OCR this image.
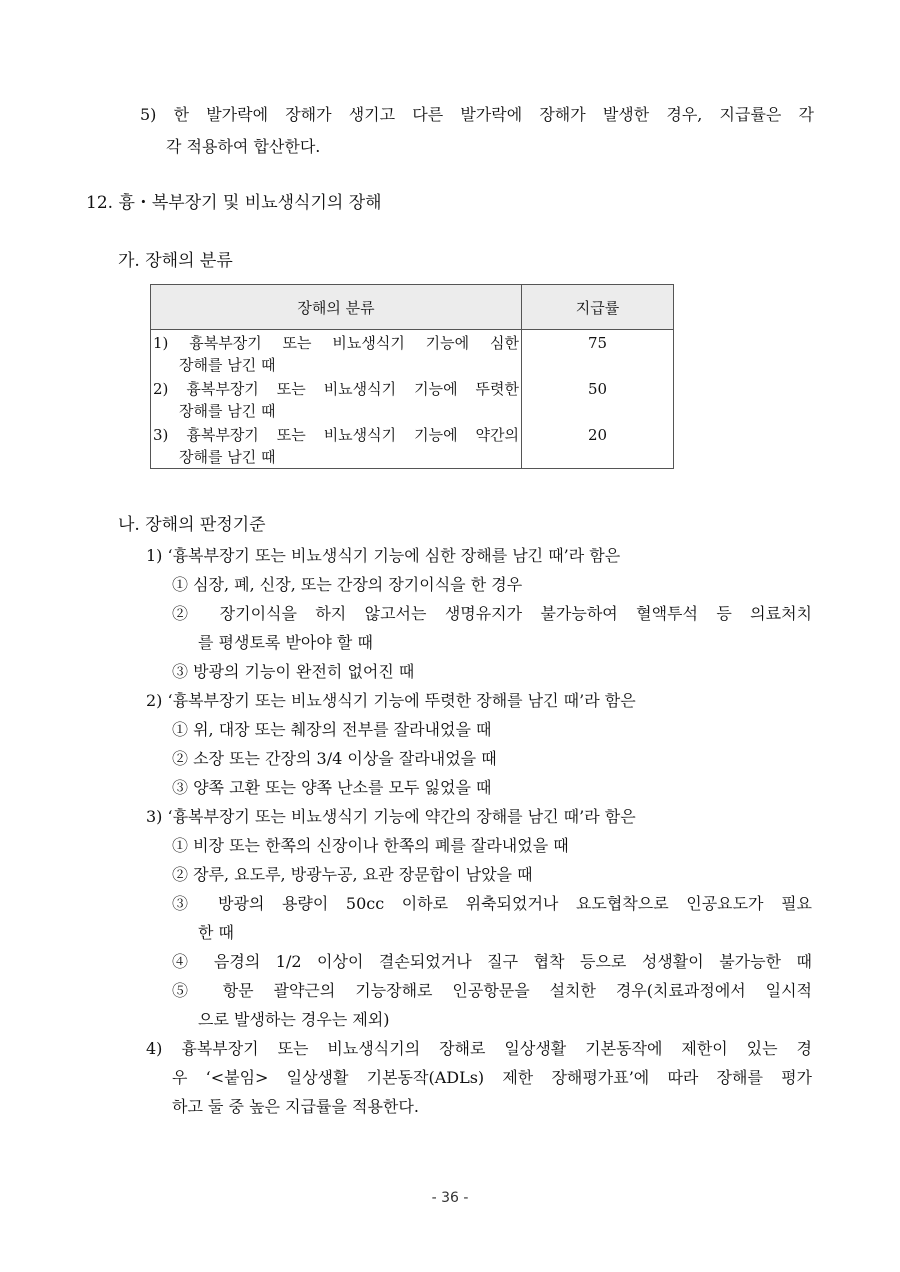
5) 한 발가락에 장해가 생기고 다른 발가락에 장해가 발생한 경우, 지급률은 각
각 적용하여 합산한다.
12. 흉・복부장기 및 비뇨생식기의 장해
가. 장해의 분류
장해의 분류	지급률

1) 흉복부장기 또는 비뇨생식기 기능에 심한
장해를 남긴 때	75

2) 흉복부장기 또는 비뇨생식기 기능에 뚜렷한
장해를 남긴 때	50

3) 흉복부장기 또는 비뇨생식기 기능에 약간의
장해를 남긴 때	20
나. 장해의 판정기준
1) ‘흉복부장기 또는 비뇨생식기 기능에 심한 장해를 남긴 때’라 함은
① 심장, 폐, 신장, 또는 간장의 장기이식을 한 경우
② 장기이식을 하지 않고서는 생명유지가 불가능하여 혈액투석 등 의료처치
를 평생토록 받아야 할 때
③ 방광의 기능이 완전히 없어진 때
2) ‘흉복부장기 또는 비뇨생식기 기능에 뚜렷한 장해를 남긴 때’라 함은
① 위, 대장 또는 췌장의 전부를 잘라내었을 때
② 소장 또는 간장의 3/4 이상을 잘라내었을 때
③ 양쪽 고환 또는 양쪽 난소를 모두 잃었을 때
3) ‘흉복부장기 또는 비뇨생식기 기능에 약간의 장해를 남긴 때’라 함은
① 비장 또는 한쪽의 신장이나 한쪽의 폐를 잘라내었을 때
② 장루, 요도루, 방광누공, 요관 장문합이 남았을 때
③ 방광의 용량이 50cc 이하로 위축되었거나 요도협착으로 인공요도가 필요
한 때
④ 음경의 1/2 이상이 결손되었거나 질구 협착 등으로 성생활이 불가능한 때
⑤ 항문 괄약근의 기능장해로 인공항문을 설치한 경우(치료과정에서 일시적
으로 발생하는 경우는 제외)
4) 흉복부장기 또는 비뇨생식기의 장해로 일상생활 기본동작에 제한이 있는 경
우 ‘<붙임> 일상생활 기본동작(ADLs) 제한 장해평가표’에 따라 장해를 평가
하고 둘 중 높은 지급률을 적용한다.
- 36 -
